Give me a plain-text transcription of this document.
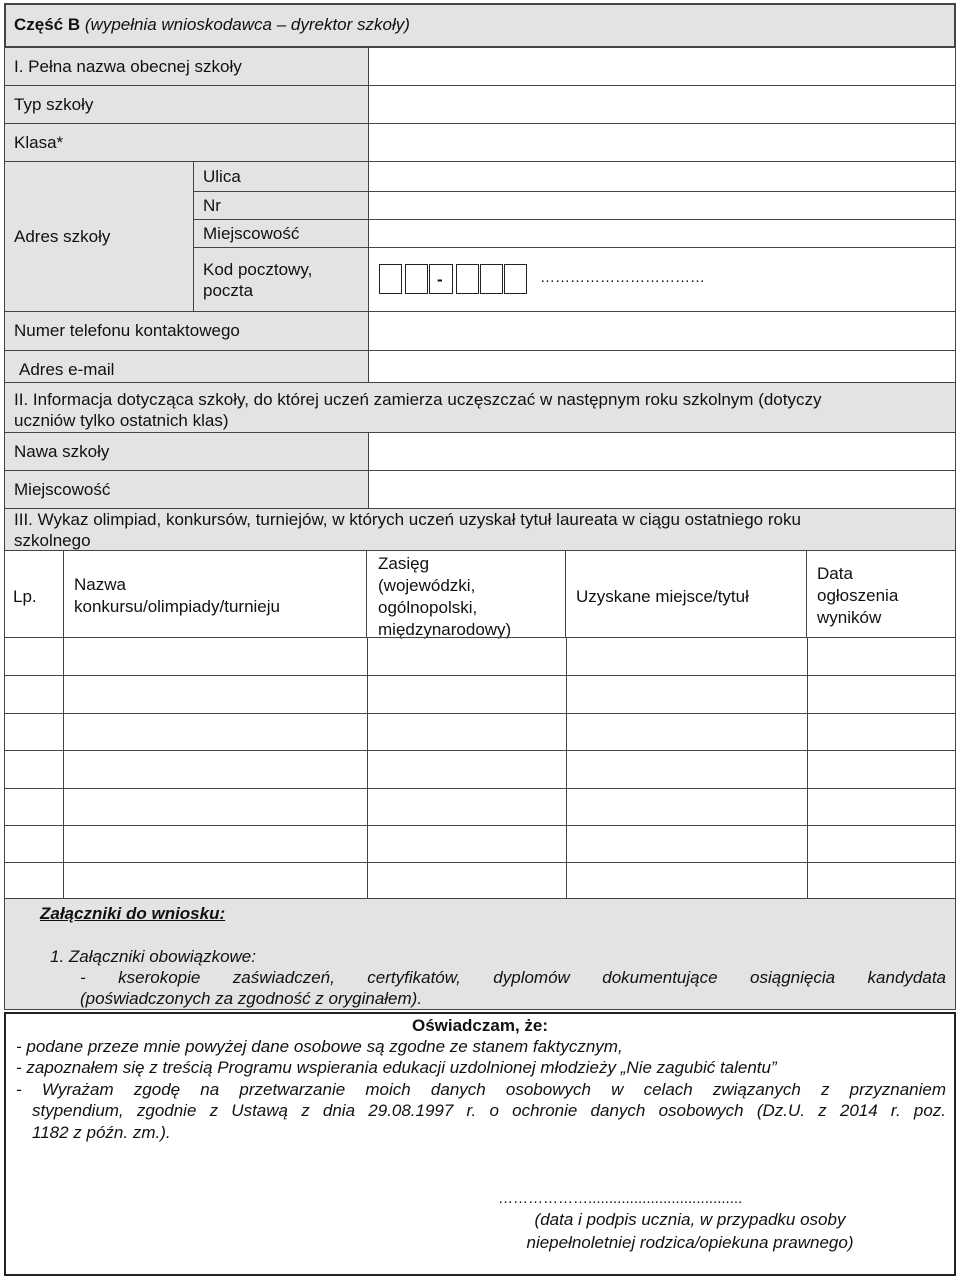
Część B (wypełnia wnioskodawca – dyrektor szkoły)
I. Pełna nazwa obecnej szkoły
Typ szkoły
Klasa*
Adres szkoły
Ulica
Nr
Miejscowość
Kod pocztowy,
poczta
-	……………………………
Numer telefonu kontaktowego
Adres e-mail
II. Informacja dotycząca szkoły, do której uczeń zamierza uczęszczać w następnym roku szkolnym (dotyczy
uczniów tylko ostatnich klas)
Nawa szkoły
Miejscowość
III. Wykaz olimpiad, konkursów, turniejów, w których uczeń uzyskał tytuł laureata w ciągu ostatniego roku
szkolnego
Lp.
Nazwa
konkursu/olimpiady/turnieju
Zasięg
(wojewódzki,
ogólnopolski,
międzynarodowy)
Uzyskane miejsce/tytuł
Data
ogłoszenia
wyników
Załączniki do wniosku:
1. Załączniki obowiązkowe:
- kserokopie zaświadczeń, certyfikatów, dyplomów dokumentujące osiągnięcia kandydata
(poświadczonych za zgodność z oryginałem).
Oświadczam, że:
- podane przeze mnie powyżej dane osobowe są zgodne ze stanem faktycznym,
- zapoznałem się z treścią Programu wspierania edukacji uzdolnionej młodzieży „Nie zagubić talentu”
- Wyrażam zgodę na przetwarzanie moich danych osobowych w celach związanych z przyznaniem
stypendium, zgodnie z Ustawą z dnia 29.08.1997 r. o ochronie danych osobowych (Dz.U. z 2014 r. poz.
1182 z późn. zm.).
……………….....................................
(data i podpis ucznia, w przypadku osoby
niepełnoletniej rodzica/opiekuna prawnego)
